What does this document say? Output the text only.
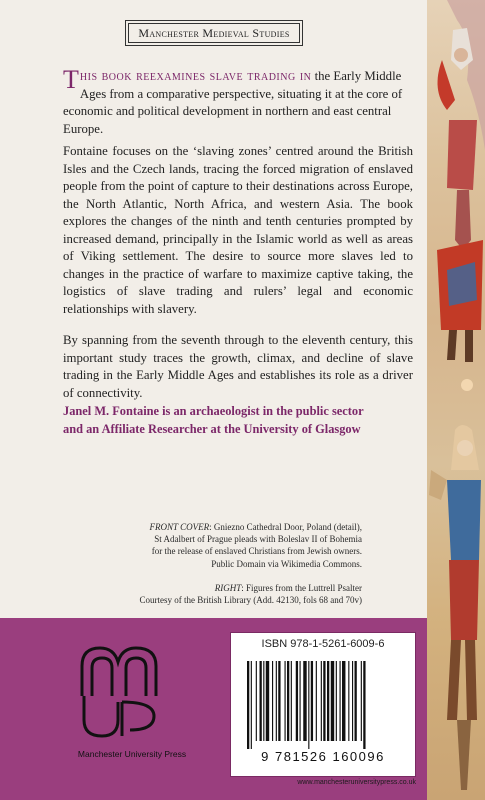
Manchester Medieval Studies

This book reexamines slave trading in the Early Middle Ages from a comparative perspective, situating it at the core of economic and political development in northern and east central Europe.

Fontaine focuses on the ‘slaving zones’ centred around the British Isles and the Czech lands, tracing the forced migration of enslaved people from the point of capture to their destinations across Europe, the North Atlantic, North Africa, and western Asia. The book explores the changes of the ninth and tenth centuries prompted by increased demand, principally in the Islamic world as well as areas of Viking settlement. The desire to source more slaves led to changes in the practice of warfare to maximize captive taking, the logistics of slave trading and rulers’ legal and economic relationships with slavery.

By spanning from the seventh through to the eleventh century, this important study traces the growth, climax, and decline of slave trading in the Early Middle Ages and establishes its role as a driver of connectivity.

Janel M. Fontaine is an archaeologist in the public sector
and an Affiliate Researcher at the University of Glasgow

FRONT COVER: Gniezno Cathedral Door, Poland (detail),
St Adalbert of Prague pleads with Boleslav II of Bohemia
for the release of enslaved Christians from Jewish owners.
Public Domain via Wikimedia Commons.

RIGHT: Figures from the Luttrell Psalter
Courtesy of the British Library (Add. 42130, fols 68 and 70v)

Manchester University Press
ISBN 978-1-5261-6009-6
9 781526 160096
www.manchesteruniversitypress.co.uk
